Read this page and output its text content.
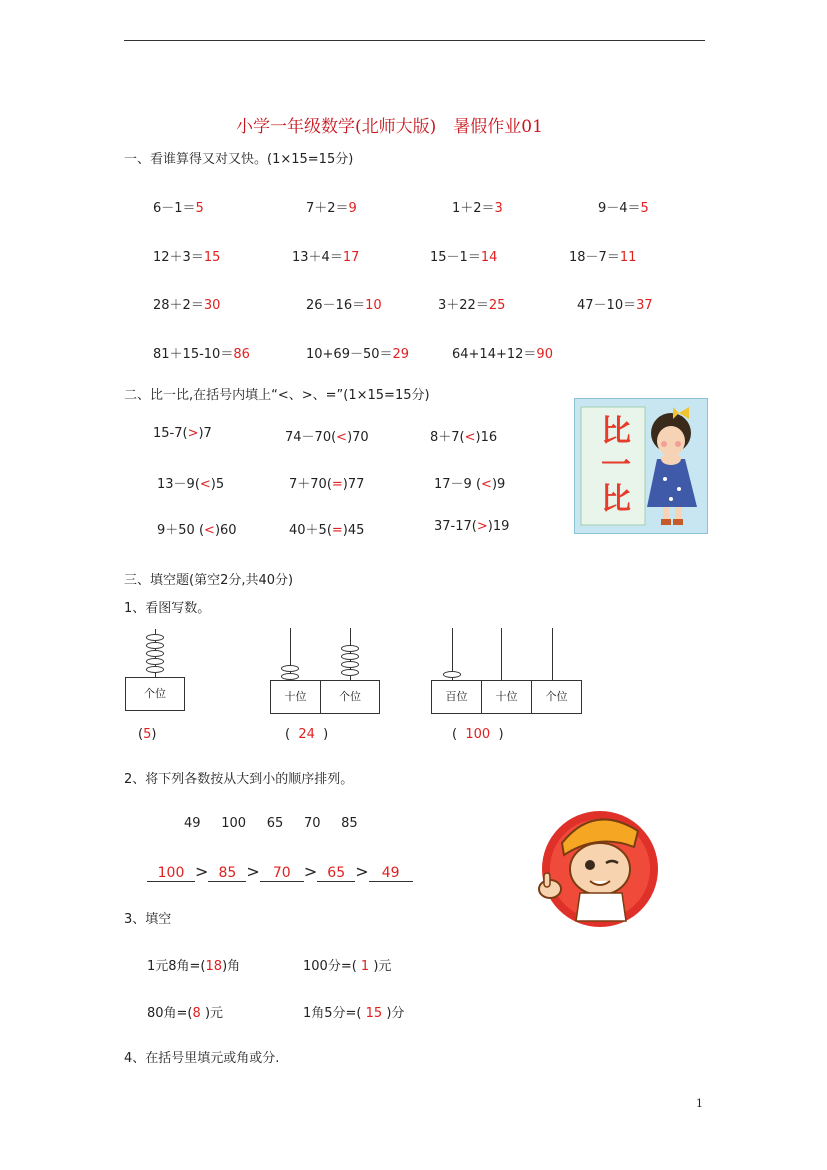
小学一年级数学(北师大版)　暑假作业01
一、看谁算得又对又快。(1×15=15分)
6－1＝5	7＋2＝9	1＋2＝3	9－4＝5
12＋3＝15	13＋4＝17	15－1＝14	18－7＝11
28＋2＝30	26－16＝10	3＋22＝25	47－10＝37
81＋15-10＝86	10+69－50＝29	64+14+12＝90
二、比一比,在括号内填上“<、>、=”(1×15=15分)
15-7(>)7	74－70(<)70	8＋7(<)16
13－9(<)5	7＋70(=)77	17－9 (<)9
9＋50 (<)60	40＋5(=)45	37-17(>)19
比一比
三、填空题(第空2分,共40分)
1、看图写数。
个位
(5)
十位	个位
( 24 )
百位	十位	个位
( 100 )
2、将下列各数按从大到小的顺序排列。
49 100 65 70 85
100 > 85 > 70 > 65 > 49
3、填空
1元8角=(18)角	100分=( 1 )元
80角=(8 )元	1角5分=( 15 )分
4、在括号里填元或角或分.
1
